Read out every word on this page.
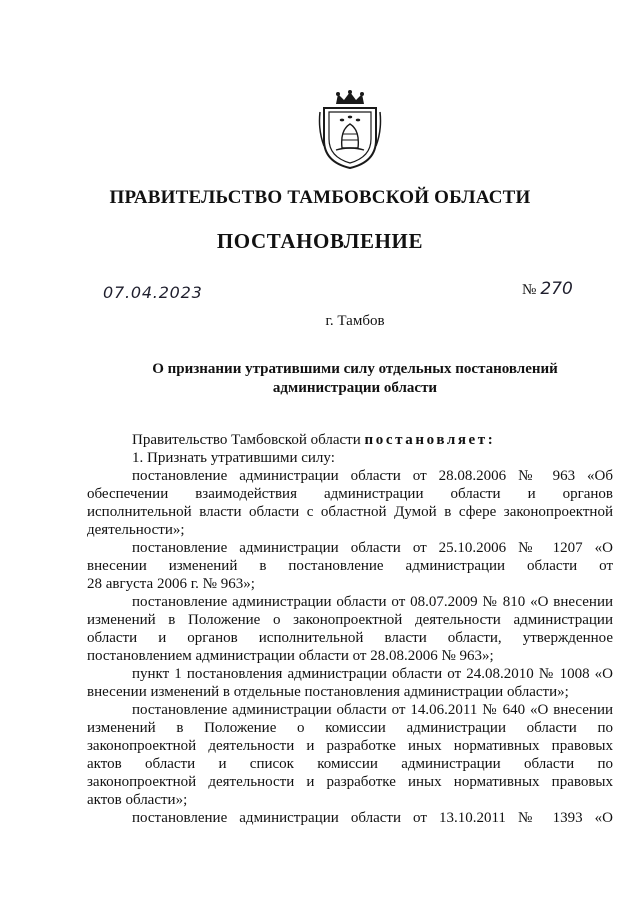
ПРАВИТЕЛЬСТВО ТАМБОВСКОЙ ОБЛАСТИ
ПОСТАНОВЛЕНИЕ
07.04.2023	№ 270
г. Тамбов
О признании утратившими силу отдельных постановлений
администрации области
Правительство Тамбовской области постановляет:
1. Признать утратившими силу:
постановление администрации области от 28.08.2006 № 963 «Об
обеспечении взаимодействия администрации области и органов
исполнительной власти области с областной Думой в сфере законопроектной
деятельности»;
постановление администрации области от 25.10.2006 № 1207 «О
внесении изменений в постановление администрации области от
28 августа 2006 г. № 963»;
постановление администрации области от 08.07.2009 № 810 «О внесении
изменений в Положение о законопроектной деятельности администрации
области и органов исполнительной власти области, утвержденное
постановлением администрации области от 28.08.2006 № 963»;
пункт 1 постановления администрации области от 24.08.2010 № 1008 «О
внесении изменений в отдельные постановления администрации области»;
постановление администрации области от 14.06.2011 № 640 «О внесении
изменений в Положение о комиссии администрации области по
законопроектной деятельности и разработке иных нормативных правовых
актов области и список комиссии администрации области по
законопроектной деятельности и разработке иных нормативных правовых
актов области»;
постановление администрации области от 13.10.2011 № 1393 «О
